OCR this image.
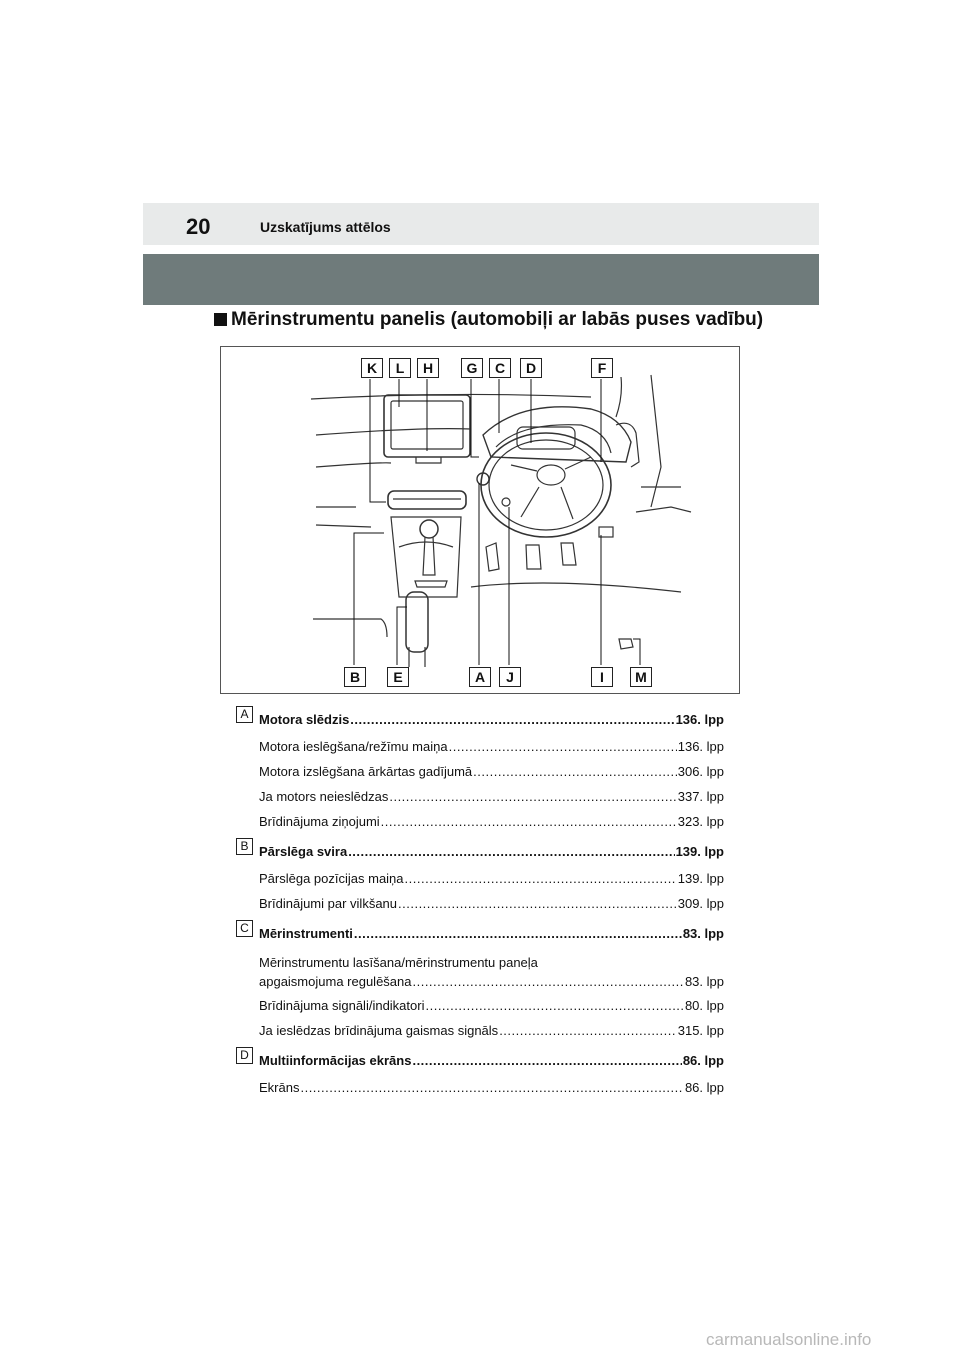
20	Uzskatījums attēlos
Mērinstrumentu panelis (automobiļi ar labās puses vadību)
K	L	H	G	C	D	F
B	E	A	J	I	M
A Motora slēdzis .....	136. lpp
Motora ieslēgšana/režīmu maiņa .....	136. lpp
Motora izslēgšana ārkārtas gadījumā .....	306. lpp
Ja motors neieslēdzas .....	337. lpp
Brīdinājuma ziņojumi .....	323. lpp
B Pārslēga svira .....	139. lpp
Pārslēga pozīcijas maiņa .....	139. lpp
Brīdinājumi par vilkšanu .....	309. lpp
C Mērinstrumenti .....	83. lpp
Mērinstrumentu lasīšana/mērinstrumentu paneļa
apgaismojuma regulēšana .....	83. lpp
Brīdinājuma signāli/indikatori .....	80. lpp
Ja ieslēdzas brīdinājuma gaismas signāls .....	315. lpp
D Multiinformācijas ekrāns .....	86. lpp
Ekrāns .....	86. lpp
carmanualsonline.info
